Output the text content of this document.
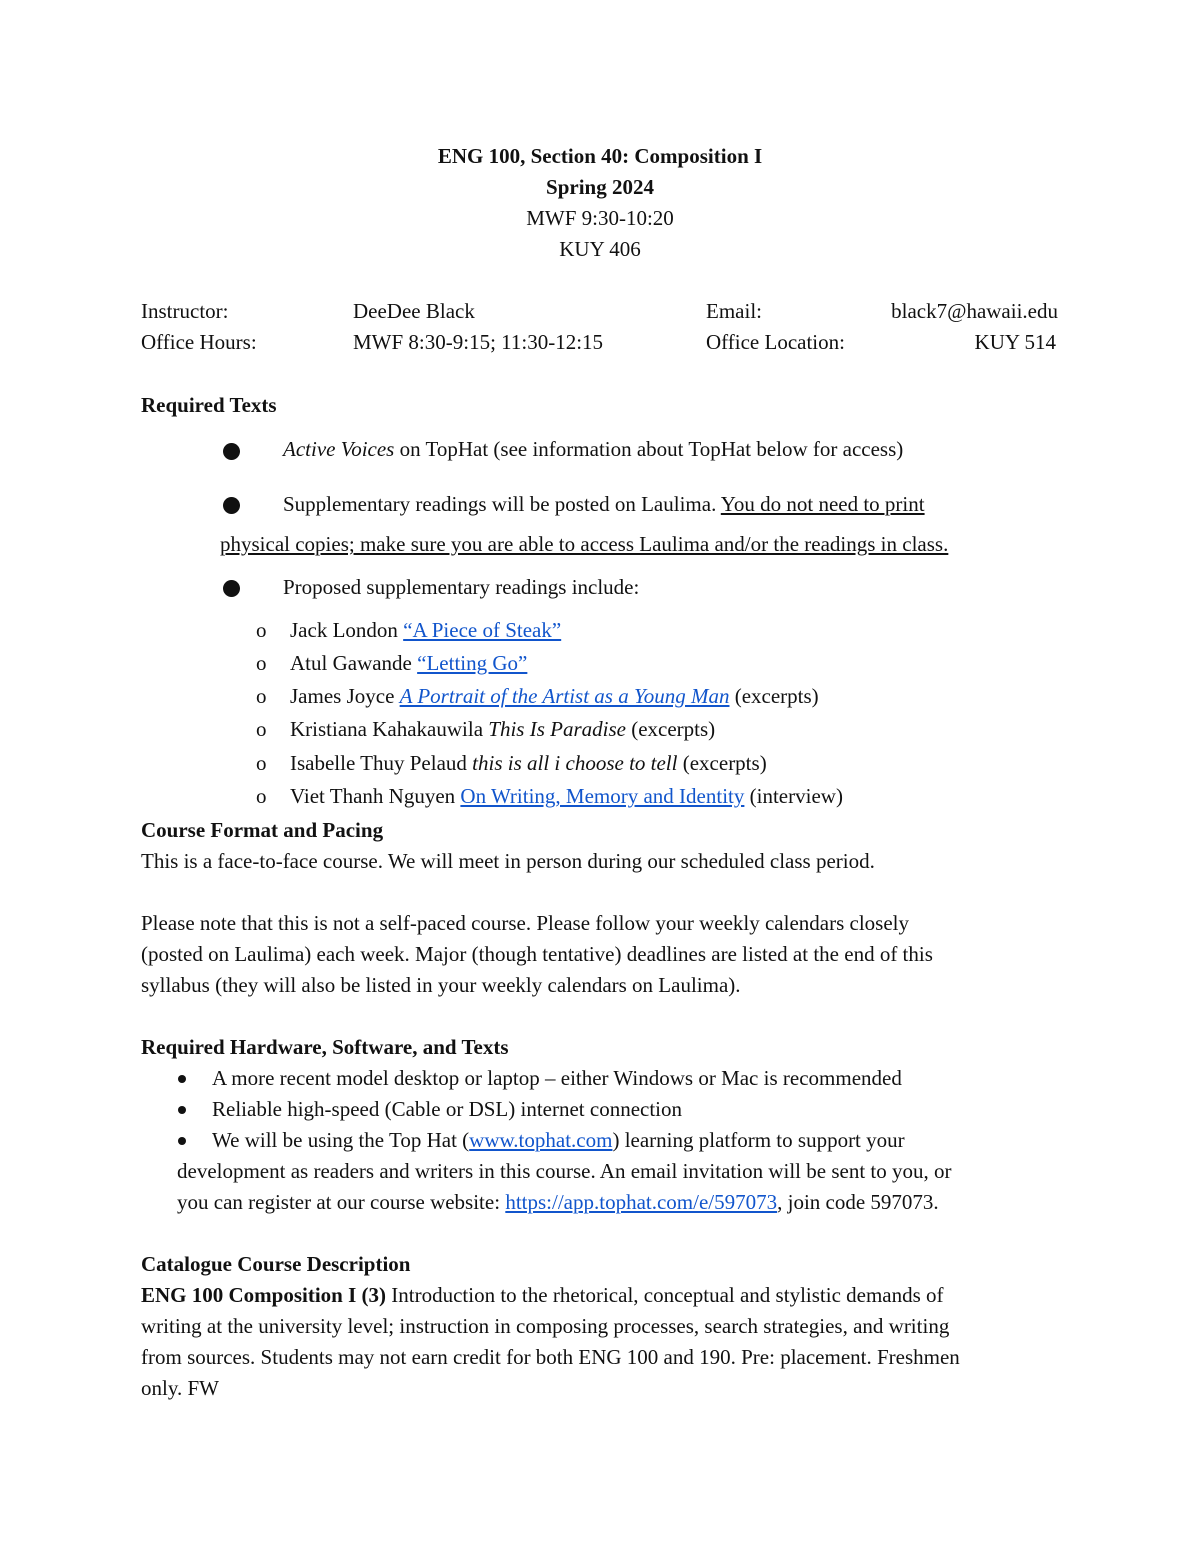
ENG 100, Section 40: Composition I
Spring 2024
MWF 9:30-10:20
KUY 406
Instructor:	DeeDee Black	Email:	black7@hawaii.edu
Office Hours:	MWF 8:30-9:15; 11:30-12:15	Office Location:	KUY 514
Required Texts
Active Voices on TopHat (see information about TopHat below for access)
Supplementary readings will be posted on Laulima. You do not need to print
physical copies; make sure you are able to access Laulima and/or the readings in class.
Proposed supplementary readings include:
o Jack London “A Piece of Steak”
o Atul Gawande “Letting Go”
o James Joyce A Portrait of the Artist as a Young Man (excerpts)
o Kristiana Kahakauwila This Is Paradise (excerpts)
o Isabelle Thuy Pelaud this is all i choose to tell (excerpts)
o Viet Thanh Nguyen On Writing, Memory and Identity (interview)
Course Format and Pacing
This is a face-to-face course. We will meet in person during our scheduled class period.
Please note that this is not a self-paced course. Please follow your weekly calendars closely
(posted on Laulima) each week. Major (though tentative) deadlines are listed at the end of this
syllabus (they will also be listed in your weekly calendars on Laulima).
Required Hardware, Software, and Texts
A more recent model desktop or laptop – either Windows or Mac is recommended
Reliable high-speed (Cable or DSL) internet connection
We will be using the Top Hat (www.tophat.com) learning platform to support your
development as readers and writers in this course. An email invitation will be sent to you, or
you can register at our course website: https://app.tophat.com/e/597073, join code 597073.
Catalogue Course Description
ENG 100 Composition I (3) Introduction to the rhetorical, conceptual and stylistic demands of
writing at the university level; instruction in composing processes, search strategies, and writing
from sources. Students may not earn credit for both ENG 100 and 190. Pre: placement. Freshmen
only. FW
